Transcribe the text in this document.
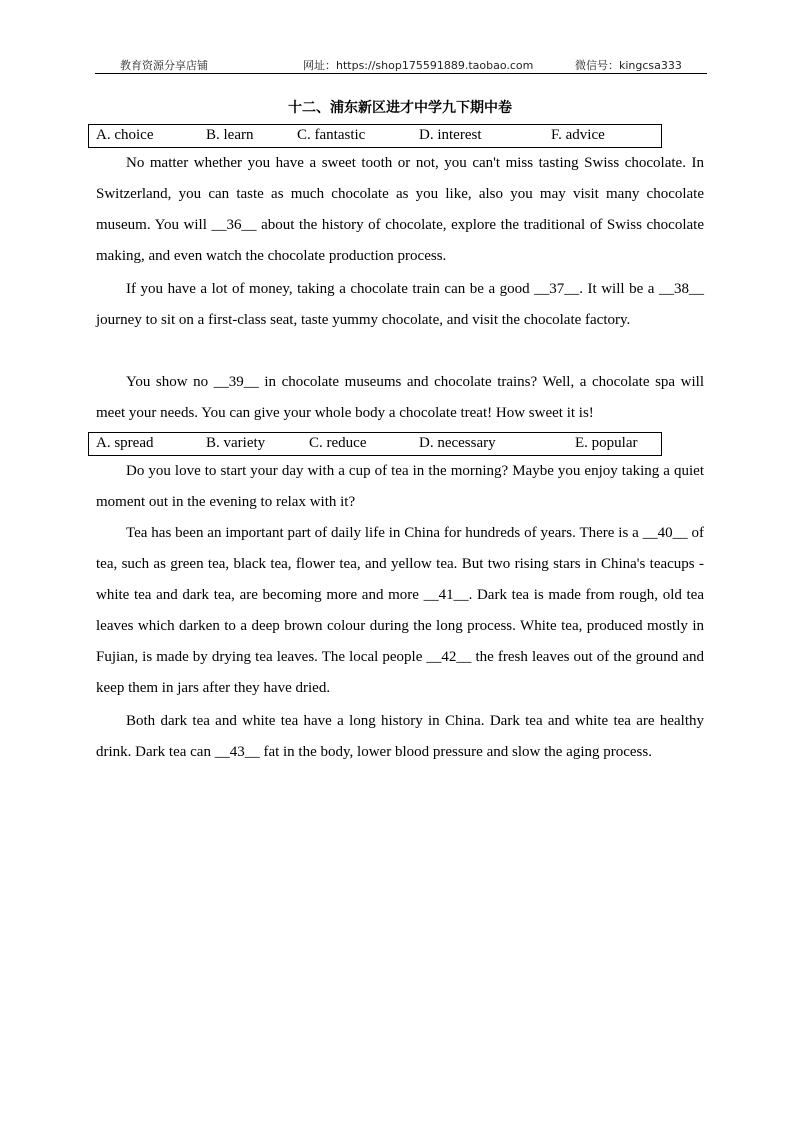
教育资源分享店铺	网址：https://shop175591889.taobao.com	微信号：kingcsa333
十二、浦东新区进才中学九下期中卷
A. choice	B. learn	C. fantastic	D. interest	F. advice

No matter whether you have a sweet tooth or not, you can't miss tasting Swiss chocolate. In Switzerland, you can taste as much chocolate as you like, also you may visit many chocolate museum. You will __36__ about the history of chocolate, explore the traditional of Swiss chocolate making, and even watch the chocolate production process.

If you have a lot of money, taking a chocolate train can be a good __37__. It will be a __38__ journey to sit on a first-class seat, taste yummy chocolate, and visit the chocolate factory.

You show no __39__ in chocolate museums and chocolate trains? Well, a chocolate spa will meet your needs. You can give your whole body a chocolate treat! How sweet it is!

A. spread	B. variety	C. reduce	D. necessary	E. popular

Do you love to start your day with a cup of tea in the morning? Maybe you enjoy taking a quiet moment out in the evening to relax with it?

Tea has been an important part of daily life in China for hundreds of years. There is a __40__ of tea, such as green tea, black tea, flower tea, and yellow tea. But two rising stars in China's teacups - white tea and dark tea, are becoming more and more __41__. Dark tea is made from rough, old tea leaves which darken to a deep brown colour during the long process. White tea, produced mostly in Fujian, is made by drying tea leaves. The local people __42__ the fresh leaves out of the ground and keep them in jars after they have dried.

Both dark tea and white tea have a long history in China. Dark tea and white tea are healthy drink. Dark tea can __43__ fat in the body, lower blood pressure and slow the aging process.
